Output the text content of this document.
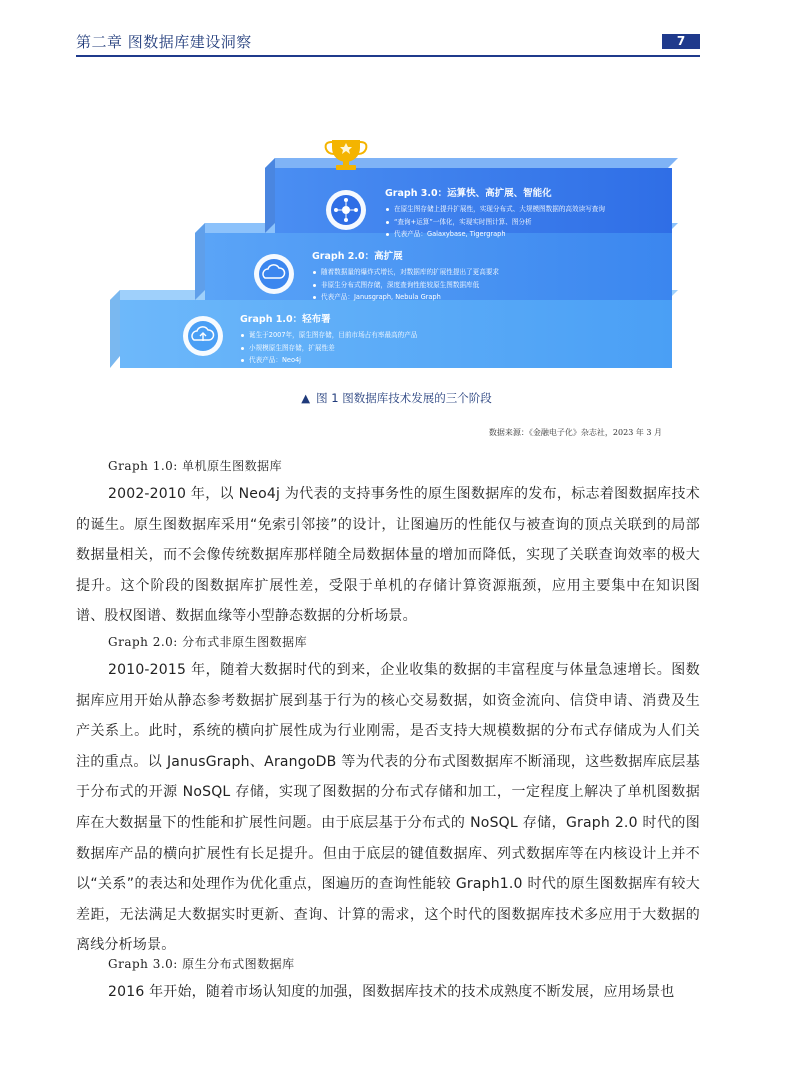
第二章 图数据库建设洞察	7
Graph 3.0：运算快、高扩展、智能化
在原生图存储上提升扩展性，实现分布式、大规模图数据的高效读写查询
“查询+运算”一体化，实现实时图计算、图分析
代表产品：Galaxybase, Tigergraph
Graph 2.0：高扩展
随着数据量的爆炸式增长，对数据库的扩展性提出了更高要求
非原生分布式图存储，深度查询性能较原生图数据库低
代表产品：Janusgraph, Nebula Graph
Graph 1.0：轻布署
诞生于2007年，原生图存储，目前市场占有率最高的产品
小规模原生图存储，扩展性差
代表产品：Neo4j
▲ 图 1 图数据库技术发展的三个阶段
数据来源：《金融电子化》杂志社，2023 年 3 月
Graph 1.0: 单机原生图数据库
2002-2010 年，以 Neo4j 为代表的支持事务性的原生图数据库的发布，标志着图数据库技术的诞生。原生图数据库采用“免索引邻接”的设计，让图遍历的性能仅与被查询的顶点关联到的局部数据量相关，而不会像传统数据库那样随全局数据体量的增加而降低，实现了关联查询效率的极大提升。这个阶段的图数据库扩展性差，受限于单机的存储计算资源瓶颈，应用主要集中在知识图谱、股权图谱、数据血缘等小型静态数据的分析场景。
Graph 2.0: 分布式非原生图数据库
2010-2015 年，随着大数据时代的到来，企业收集的数据的丰富程度与体量急速增长。图数据库应用开始从静态参考数据扩展到基于行为的核心交易数据，如资金流向、信贷申请、消费及生产关系上。此时，系统的横向扩展性成为行业刚需，是否支持大规模数据的分布式存储成为人们关注的重点。以 JanusGraph、ArangoDB 等为代表的分布式图数据库不断涌现，这些数据库底层基于分布式的开源 NoSQL 存储，实现了图数据的分布式存储和加工，一定程度上解决了单机图数据库在大数据量下的性能和扩展性问题。由于底层基于分布式的 NoSQL 存储，Graph 2.0 时代的图数据库产品的横向扩展性有长足提升。但由于底层的键值数据库、列式数据库等在内核设计上并不以“关系”的表达和处理作为优化重点，图遍历的查询性能较 Graph1.0 时代的原生图数据库有较大差距，无法满足大数据实时更新、查询、计算的需求，这个时代的图数据库技术多应用于大数据的离线分析场景。
Graph 3.0: 原生分布式图数据库
2016 年开始，随着市场认知度的加强，图数据库技术的技术成熟度不断发展，应用场景也
